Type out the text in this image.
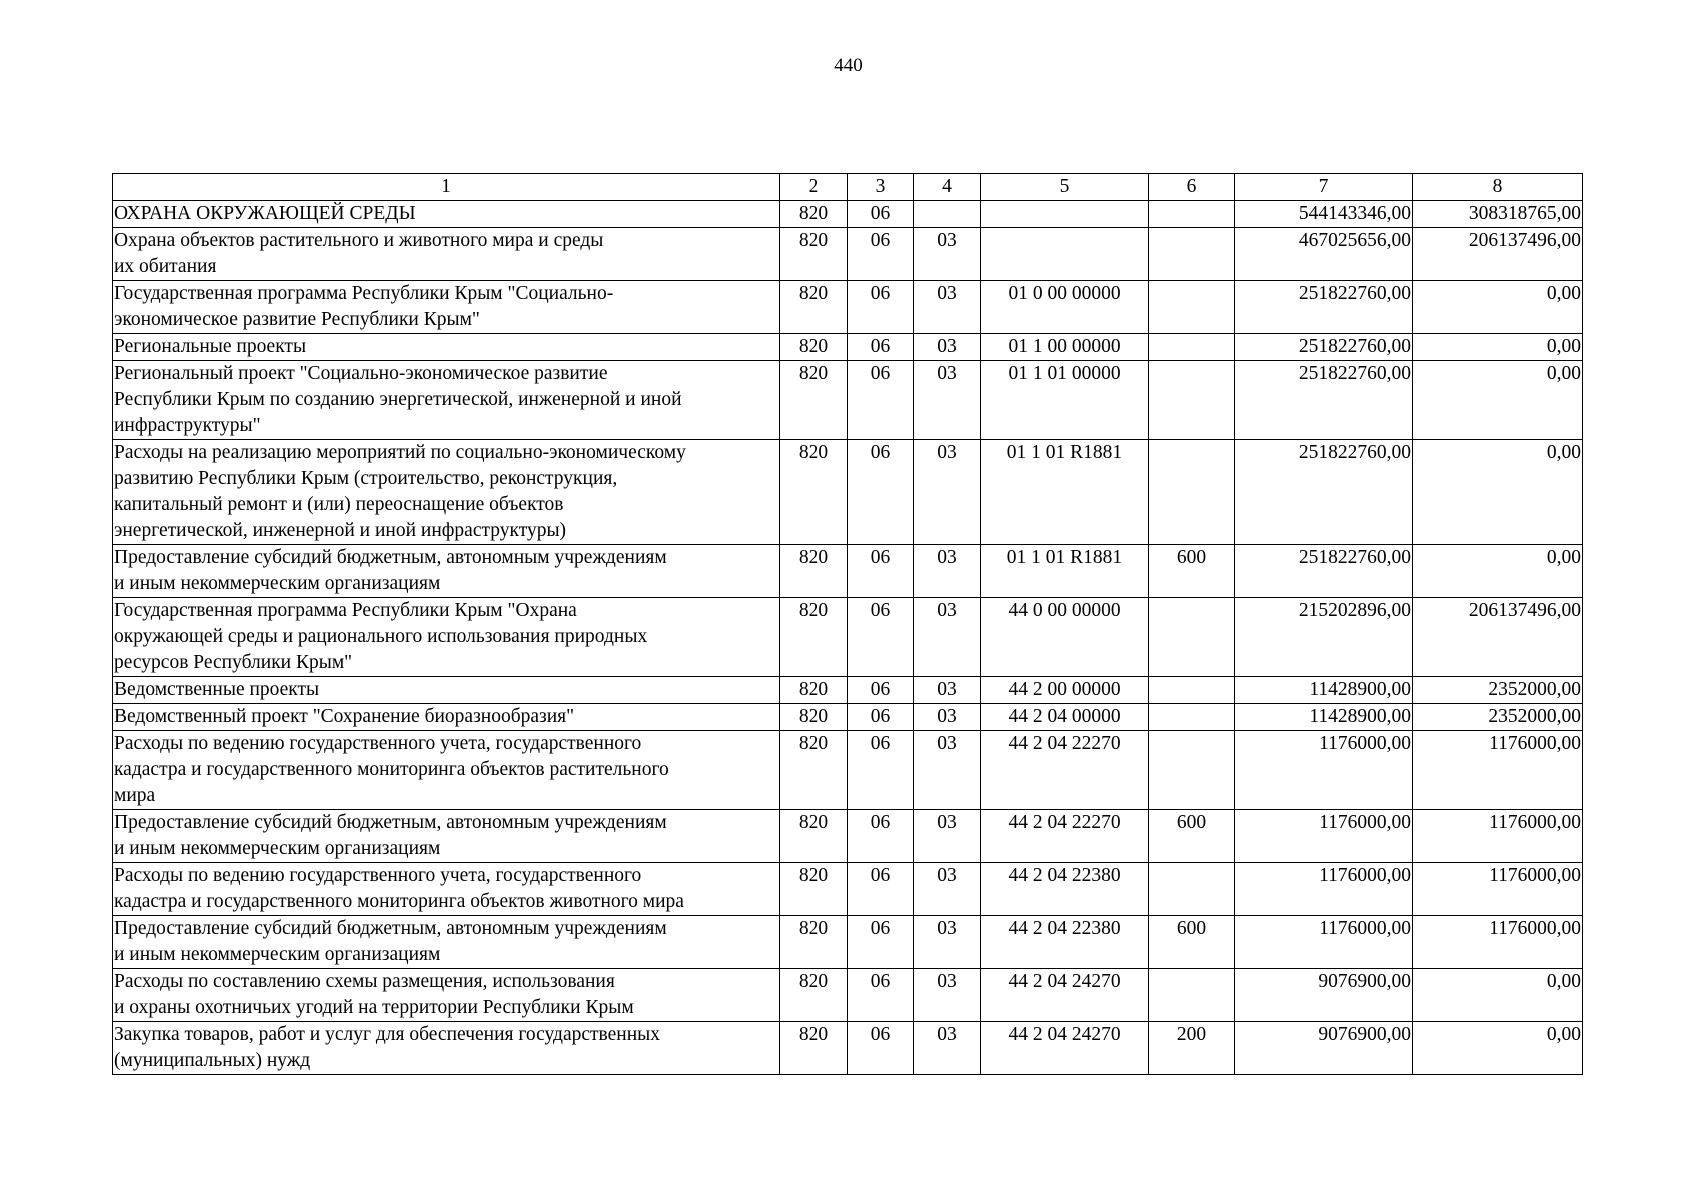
440
1	2	3	4	5	6	7	8
ОХРАНА ОКРУЖАЮЩЕЙ СРЕДЫ	820	06				544143346,00	308318765,00
Охрана объектов растительного и животного мира и среды
их обитания	820	06	03			467025656,00	206137496,00
Государственная программа Республики Крым "Социально-
экономическое развитие Республики Крым"	820	06	03	01 0 00 00000		251822760,00	0,00
Региональные проекты	820	06	03	01 1 00 00000		251822760,00	0,00
Региональный проект "Социально-экономическое развитие
Республики Крым по созданию энергетической, инженерной и иной
инфраструктуры"	820	06	03	01 1 01 00000		251822760,00	0,00
Расходы на реализацию мероприятий по социально-экономическому
развитию Республики Крым (строительство, реконструкция,
капитальный ремонт и (или) переоснащение объектов
энергетической, инженерной и иной инфраструктуры)	820	06	03	01 1 01 R1881		251822760,00	0,00
Предоставление субсидий бюджетным, автономным учреждениям
и иным некоммерческим организациям	820	06	03	01 1 01 R1881	600	251822760,00	0,00
Государственная программа Республики Крым "Охрана
окружающей среды и рационального использования природных
ресурсов Республики Крым"	820	06	03	44 0 00 00000		215202896,00	206137496,00
Ведомственные проекты	820	06	03	44 2 00 00000		11428900,00	2352000,00
Ведомственный проект "Сохранение биоразнообразия"	820	06	03	44 2 04 00000		11428900,00	2352000,00
Расходы по ведению государственного учета, государственного
кадастра и государственного мониторинга объектов растительного
мира	820	06	03	44 2 04 22270		1176000,00	1176000,00
Предоставление субсидий бюджетным, автономным учреждениям
и иным некоммерческим организациям	820	06	03	44 2 04 22270	600	1176000,00	1176000,00
Расходы по ведению государственного учета, государственного
кадастра и государственного мониторинга объектов животного мира	820	06	03	44 2 04 22380		1176000,00	1176000,00
Предоставление субсидий бюджетным, автономным учреждениям
и иным некоммерческим организациям	820	06	03	44 2 04 22380	600	1176000,00	1176000,00
Расходы по составлению схемы размещения, использования
и охраны охотничьих угодий на территории Республики Крым	820	06	03	44 2 04 24270		9076900,00	0,00
Закупка товаров, работ и услуг для обеспечения государственных
(муниципальных) нужд	820	06	03	44 2 04 24270	200	9076900,00	0,00
